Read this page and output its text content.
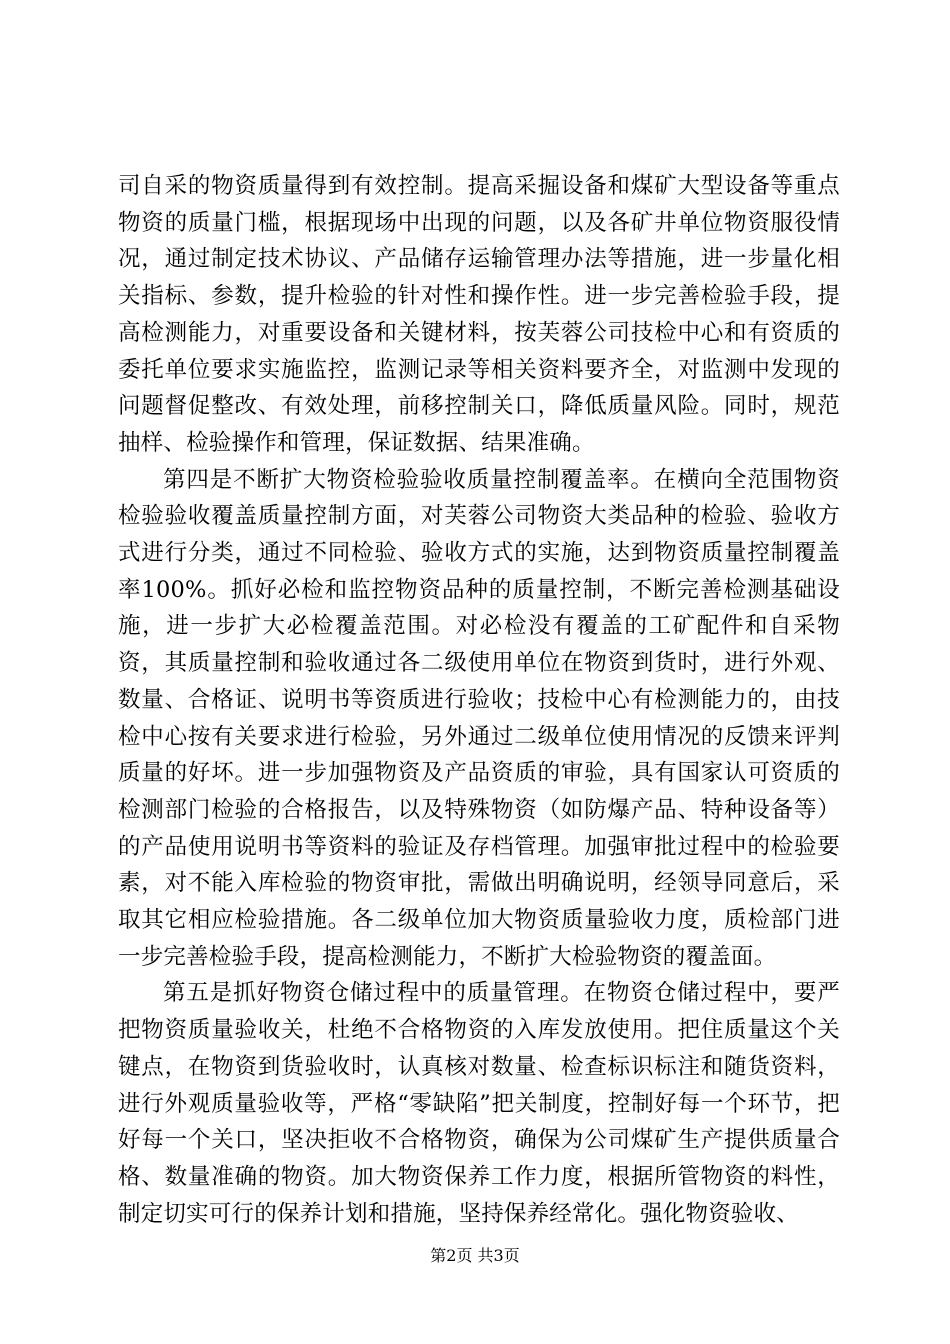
司自采的物资质量得到有效控制。提高采掘设备和煤矿大型设备等重点物资的质量门槛，根据现场中出现的问题，以及各矿井单位物资服役情况，通过制定技术协议、产品储存运输管理办法等措施，进一步量化相关指标、参数，提升检验的针对性和操作性。进一步完善检验手段，提高检测能力，对重要设备和关键材料，按芙蓉公司技检中心和有资质的委托单位要求实施监控，监测记录等相关资料要齐全，对监测中发现的问题督促整改、有效处理，前移控制关口，降低质量风险。同时，规范抽样、检验操作和管理，保证数据、结果准确。

第四是不断扩大物资检验验收质量控制覆盖率。在横向全范围物资检验验收覆盖质量控制方面，对芙蓉公司物资大类品种的检验、验收方式进行分类，通过不同检验、验收方式的实施，达到物资质量控制覆盖率100%。抓好必检和监控物资品种的质量控制，不断完善检测基础设施，进一步扩大必检覆盖范围。对必检没有覆盖的工矿配件和自采物资，其质量控制和验收通过各二级使用单位在物资到货时，进行外观、数量、合格证、说明书等资质进行验收；技检中心有检测能力的，由技检中心按有关要求进行检验，另外通过二级单位使用情况的反馈来评判质量的好坏。进一步加强物资及产品资质的审验，具有国家认可资质的检测部门检验的合格报告，以及特殊物资（如防爆产品、特种设备等）的产品使用说明书等资料的验证及存档管理。加强审批过程中的检验要素，对不能入库检验的物资审批，需做出明确说明，经领导同意后，采取其它相应检验措施。各二级单位加大物资质量验收力度，质检部门进一步完善检验手段，提高检测能力，不断扩大检验物资的覆盖面。

第五是抓好物资仓储过程中的质量管理。在物资仓储过程中，要严把物资质量验收关，杜绝不合格物资的入库发放使用。把住质量这个关键点，在物资到货验收时，认真核对数量、检查标识标注和随货资料，进行外观质量验收等，严格“零缺陷”把关制度，控制好每一个环节，把好每一个关口，坚决拒收不合格物资，确保为公司煤矿生产提供质量合格、数量准确的物资。加大物资保养工作力度，根据所管物资的料性，制定切实可行的保养计划和措施，坚持保养经常化。强化物资验收、

第2页 共3页
